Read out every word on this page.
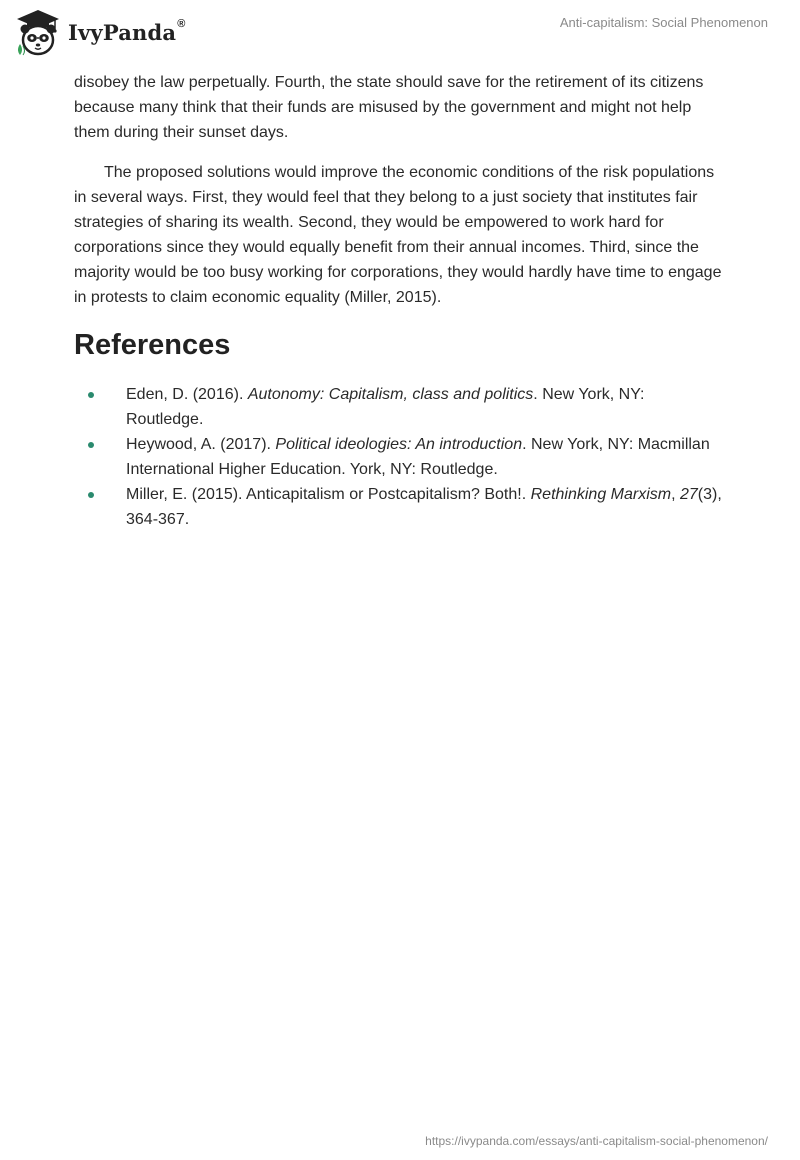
IvyPanda®	Anti-capitalism: Social Phenomenon

disobey the law perpetually. Fourth, the state should save for the retirement of its citizens because many think that their funds are misused by the government and might not help them during their sunset days.

The proposed solutions would improve the economic conditions of the risk populations in several ways. First, they would feel that they belong to a just society that institutes fair strategies of sharing its wealth. Second, they would be empowered to work hard for corporations since they would equally benefit from their annual incomes. Third, since the majority would be too busy working for corporations, they would hardly have time to engage in protests to claim economic equality (Miller, 2015).

References
Eden, D. (2016). Autonomy: Capitalism, class and politics. New York, NY: Routledge.
Heywood, A. (2017). Political ideologies: An introduction. New York, NY: Macmillan International Higher Education. York, NY: Routledge.
Miller, E. (2015). Anticapitalism or Postcapitalism? Both!. Rethinking Marxism, 27(3), 364-367.
https://ivypanda.com/essays/anti-capitalism-social-phenomenon/
